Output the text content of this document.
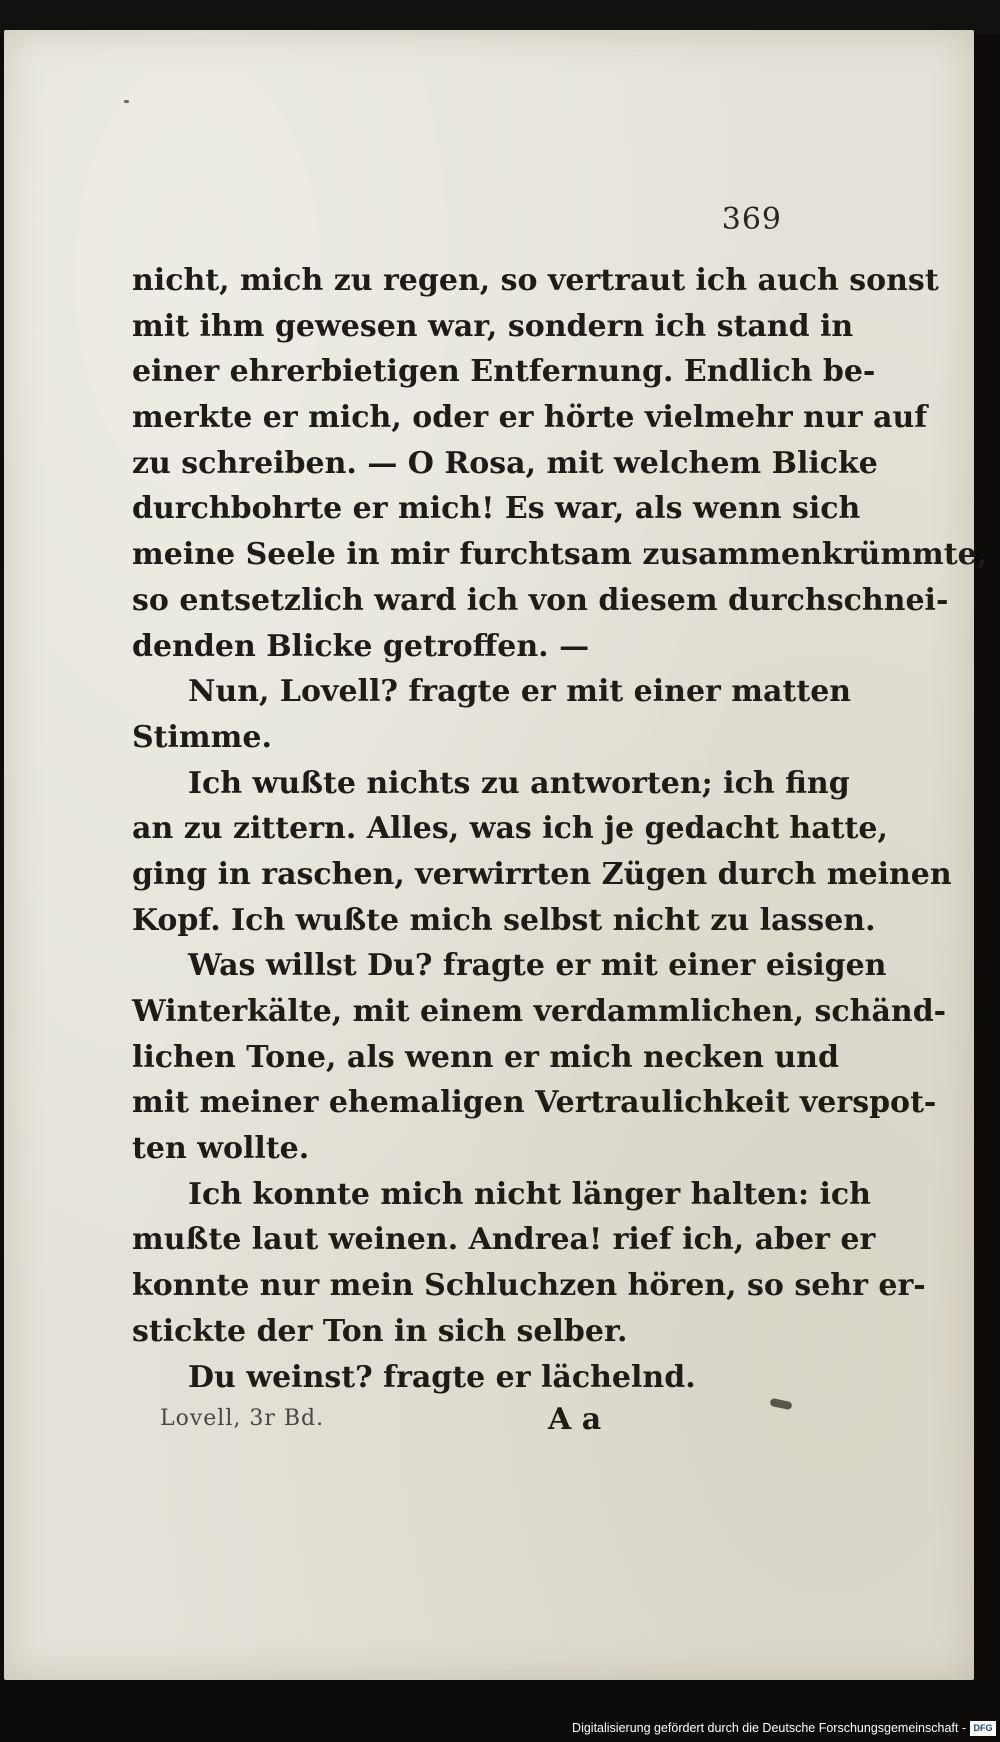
369
nicht, mich zu regen, so vertraut ich auch sonst
mit ihm gewesen war, sondern ich stand in
einer ehrerbietigen Entfernung. Endlich be-
merkte er mich, oder er hörte vielmehr nur auf
zu schreiben. — O Rosa, mit welchem Blicke
durchbohrte er mich! Es war, als wenn sich
meine Seele in mir furchtsam zusammenkrümmte,
so entsetzlich ward ich von diesem durchschnei-
denden Blicke getroffen. —
Nun, Lovell? fragte er mit einer matten
Stimme.
Ich wußte nichts zu antworten; ich fing
an zu zittern. Alles, was ich je gedacht hatte,
ging in raschen, verwirrten Zügen durch meinen
Kopf. Ich wußte mich selbst nicht zu lassen.
Was willst Du? fragte er mit einer eisigen
Winterkälte, mit einem verdammlichen, schänd-
lichen Tone, als wenn er mich necken und
mit meiner ehemaligen Vertraulichkeit verspot-
ten wollte.
Ich konnte mich nicht länger halten: ich
mußte laut weinen. Andrea! rief ich, aber er
konnte nur mein Schluchzen hören, so sehr er-
stickte der Ton in sich selber.
Du weinst? fragte er lächelnd.
Lovell, 3r Bd.	A a
Digitalisierung gefördert durch die Deutsche Forschungsgemeinschaft - DFG
